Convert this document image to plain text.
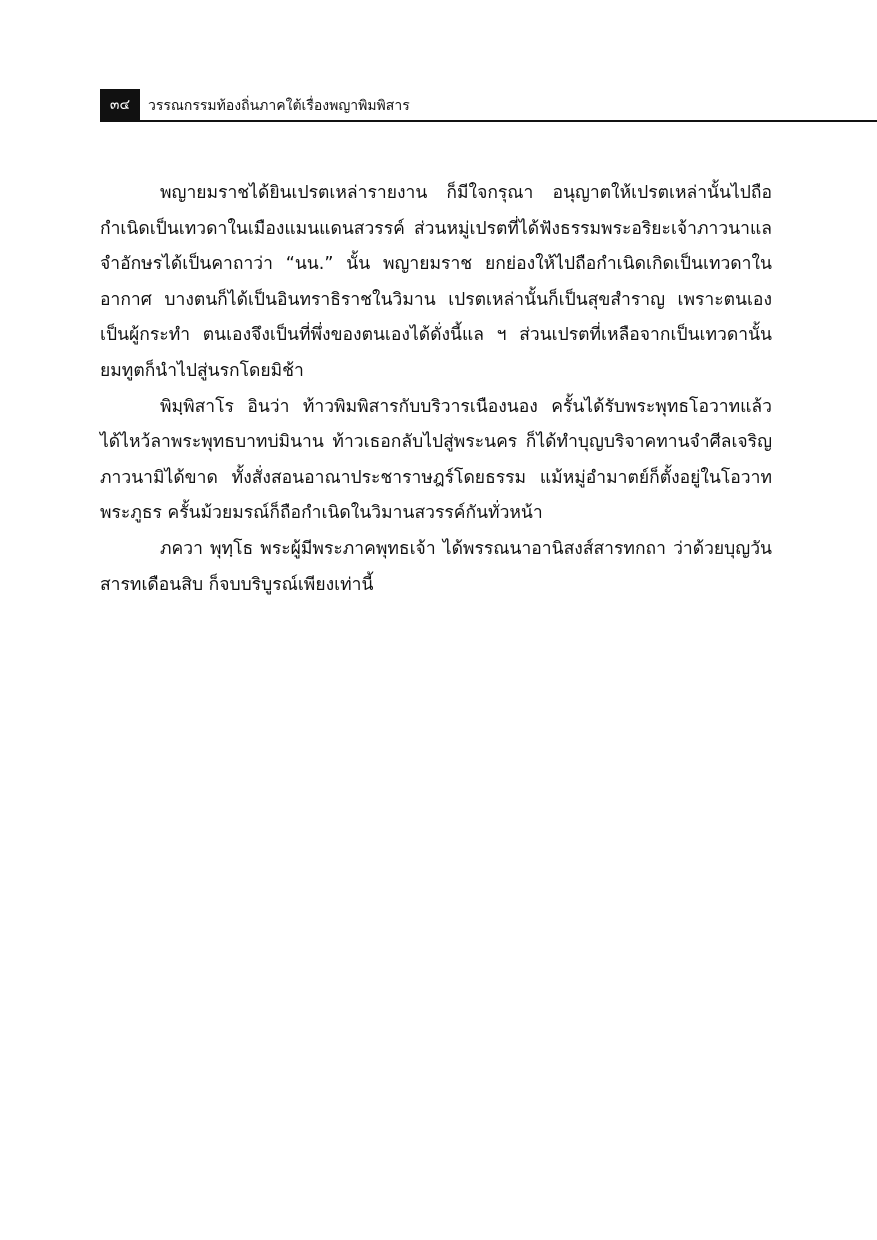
๓๔	วรรณกรรมท้องถิ่นภาคใต้เรื่องพญาพิมพิสาร

พญายมราชได้ยินเปรตเหล่ารายงาน ก็มีใจกรุณา อนุญาตให้เปรตเหล่านั้นไปถือกำเนิดเป็นเทวดาในเมืองแมนแดนสวรรค์ ส่วนหมู่เปรตที่ได้ฟังธรรมพระอริยะเจ้าภาวนาแลจำอักษรได้เป็นคาถาว่า “นน.” นั้น พญายมราช ยกย่องให้ไปถือกำเนิดเกิดเป็นเทวดาในอากาศ บางตนก็ได้เป็นอินทราธิราชในวิมาน เปรตเหล่านั้นก็เป็นสุขสำราญ เพราะตนเองเป็นผู้กระทำ ตนเองจึงเป็นที่พึ่งของตนเองได้ดั่งนี้แล ฯ ส่วนเปรตที่เหลือจากเป็นเทวดานั้น ยมทูตก็นำไปสู่นรกโดยมิช้า

พิมฺพิสาโร อินว่า ท้าวพิมพิสารกับบริวารเนืองนอง ครั้นได้รับพระพุทธโอวาทแล้ว ได้ไหว้ลาพระพุทธบาทบ่มินาน ท้าวเธอกลับไปสู่พระนคร ก็ได้ทำบุญบริจาคทานจำศีลเจริญภาวนามิได้ขาด ทั้งสั่งสอนอาณาประชาราษฎร์โดยธรรม แม้หมู่อำมาตย์ก็ตั้งอยู่ในโอวาทพระภูธร ครั้นม้วยมรณ์ก็ถือกำเนิดในวิมานสวรรค์กันทั่วหน้า

ภควา พุทฺโธ พระผู้มีพระภาคพุทธเจ้า ได้พรรณนาอานิสงส์สารทกถา ว่าด้วยบุญวันสารทเดือนสิบ ก็จบบริบูรณ์เพียงเท่านี้
